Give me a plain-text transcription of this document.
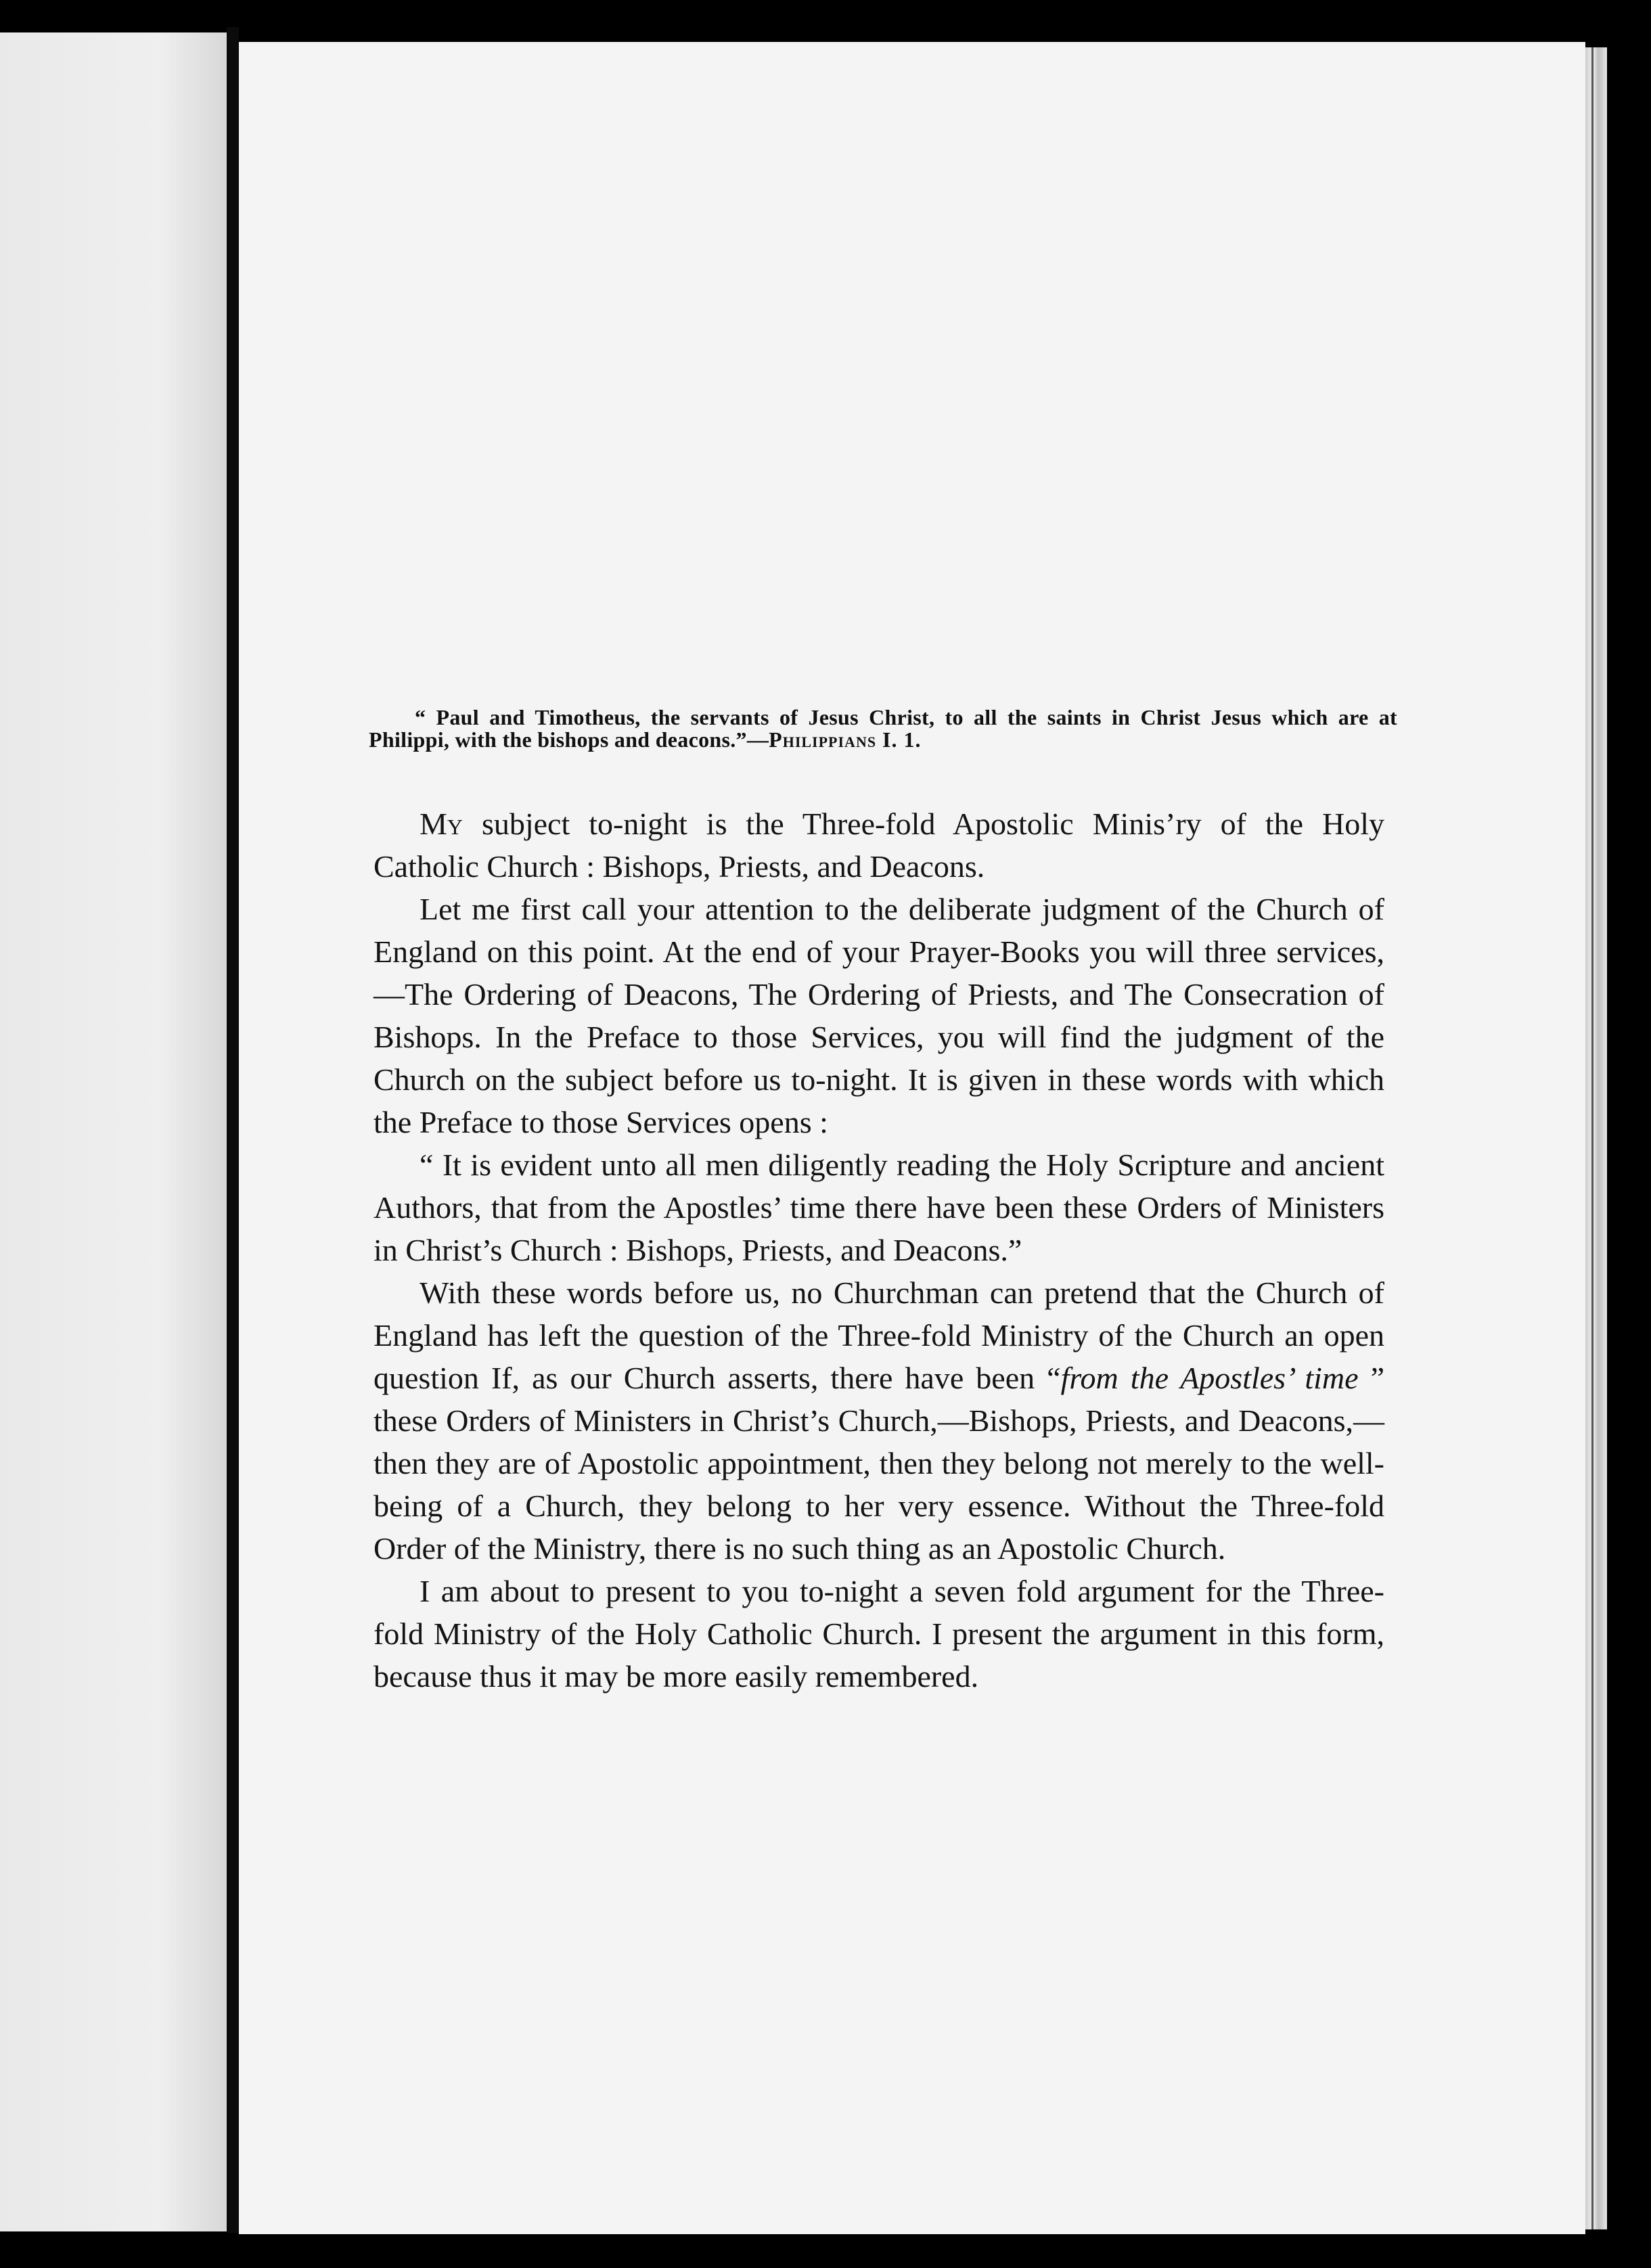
“ Paul and Timotheus, the servants of Jesus Christ, to all the saints in Christ Jesus which are at Philippi, with the bishops and deacons.”—Philippians I. 1.

My subject to-night is the Three-fold Apostolic Minis’ry of the Holy Catholic Church : Bishops, Priests, and Deacons.

Let me first call your attention to the deliberate judgment of the Church of England on this point. At the end of your Prayer-Books you will three services,—The Ordering of Deacons, The Ordering of Priests, and The Consecration of Bishops. In the Preface to those Services, you will find the judgment of the Church on the subject before us to-night. It is given in these words with which the Preface to those Services opens :

“ It is evident unto all men diligently reading the Holy Scripture and ancient Authors, that from the Apostles’ time there have been these Orders of Ministers in Christ’s Church : Bishops, Priests, and Deacons.”

With these words before us, no Churchman can pretend that the Church of England has left the question of the Three-fold Ministry of the Church an open question If, as our Church asserts, there have been “from the Apostles’ time ” these Orders of Ministers in Christ’s Church,—Bishops, Priests, and Deacons,—then they are of Apostolic appointment, then they belong not merely to the well-being of a Church, they belong to her very essence. Without the Three-fold Order of the Ministry, there is no such thing as an Apostolic Church.

I am about to present to you to-night a seven fold argument for the Three-fold Ministry of the Holy Catholic Church. I present the argument in this form, because thus it may be more easily remembered.
